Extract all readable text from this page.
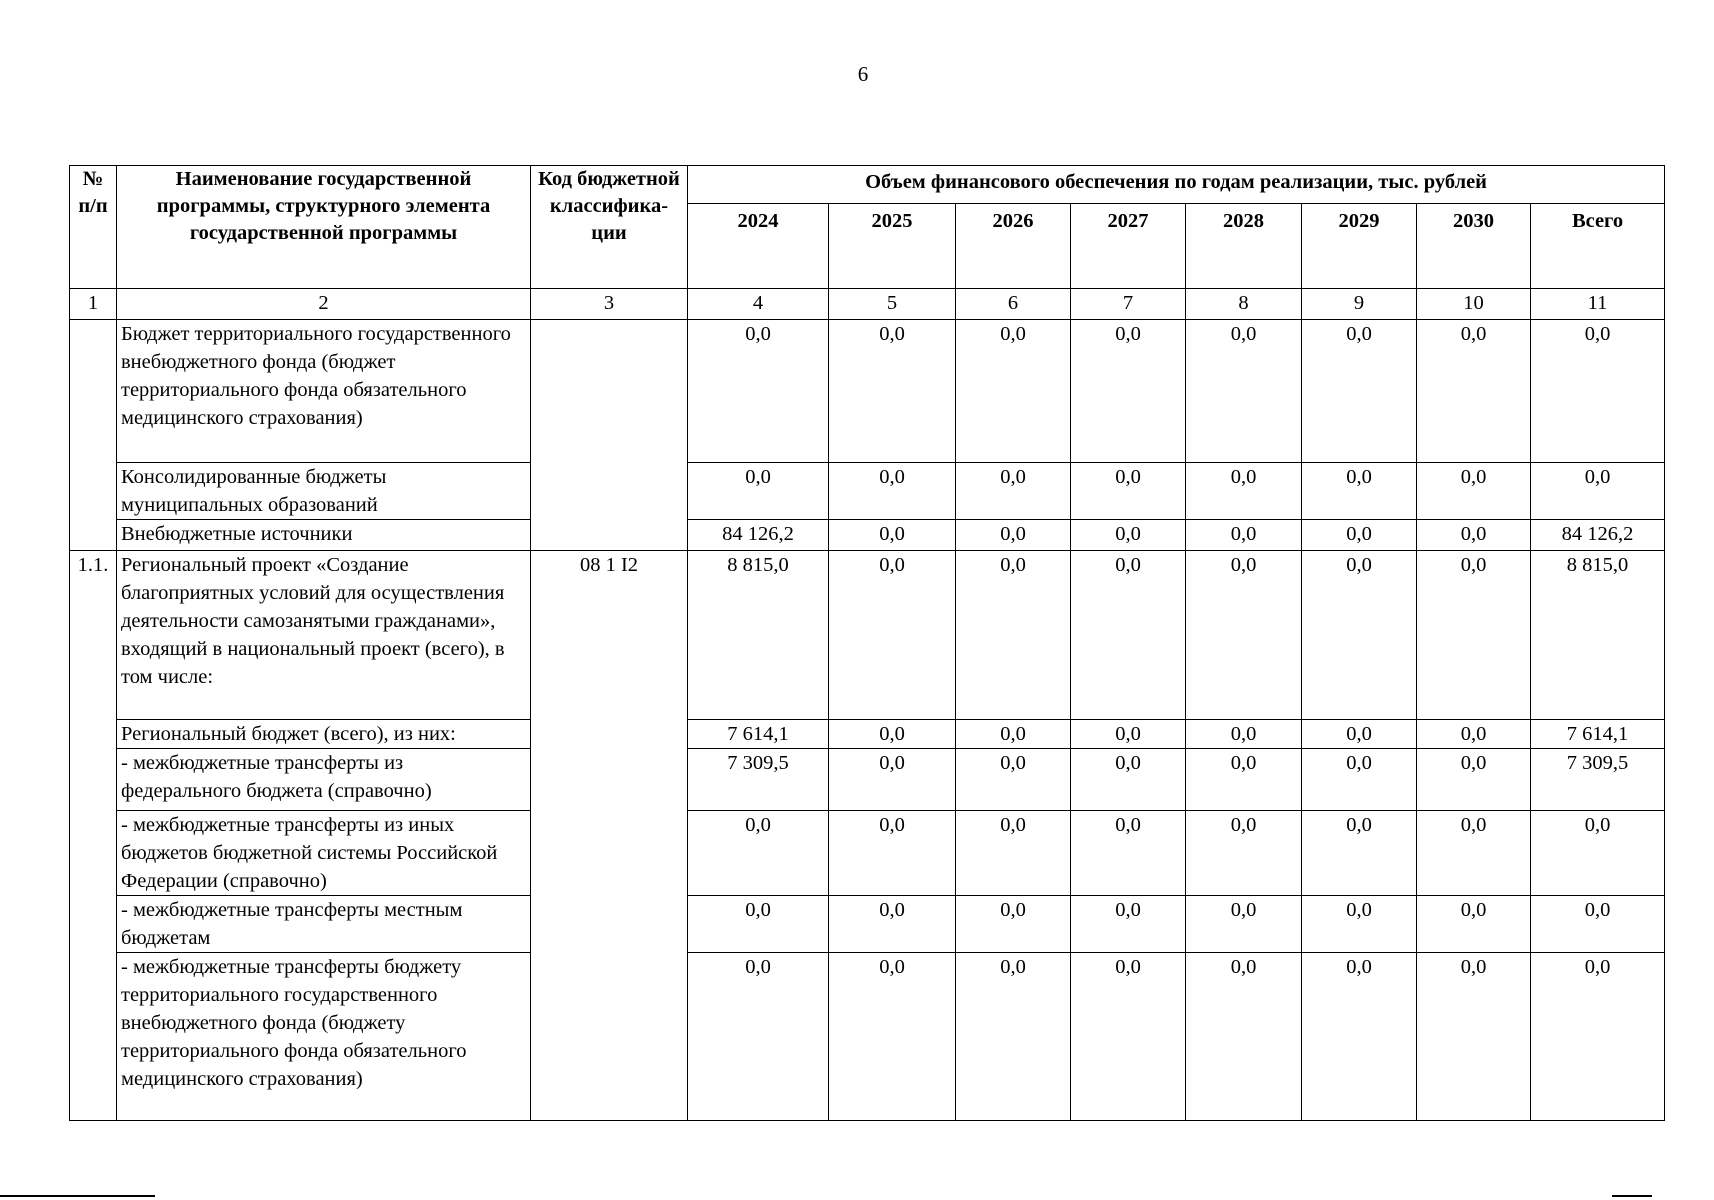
6
№ п/п	Наименование государственной программы, структурного элемента государственной программы	Код бюджетной классифика- ции	Объем финансового обеспечения по годам реализации, тыс. рублей							
			2024	2025	2026	2027	2028	2029	2030	Всего
1	2	3	4	5	6	7	8	9	10	11
	Бюджет территориального государственного внебюджетного фонда (бюджет территориального фонда обязательного медицинского страхования)		0,0	0,0	0,0	0,0	0,0	0,0	0,0	0,0
	Консолидированные бюджеты муниципальных образований		0,0	0,0	0,0	0,0	0,0	0,0	0,0	0,0
	Внебюджетные источники		84 126,2	0,0	0,0	0,0	0,0	0,0	0,0	84 126,2
1.1.	Региональный проект «Создание благоприятных условий для осуществления деятельности самозанятыми гражданами», входящий в национальный проект (всего), в том числе:	08 1 I2	8 815,0	0,0	0,0	0,0	0,0	0,0	0,0	8 815,0
	Региональный бюджет (всего), из них:		7 614,1	0,0	0,0	0,0	0,0	0,0	0,0	7 614,1
	- межбюджетные трансферты из федерального бюджета (справочно)		7 309,5	0,0	0,0	0,0	0,0	0,0	0,0	7 309,5
	- межбюджетные трансферты из иных бюджетов бюджетной системы Российской Федерации (справочно)		0,0	0,0	0,0	0,0	0,0	0,0	0,0	0,0
	- межбюджетные трансферты местным бюджетам		0,0	0,0	0,0	0,0	0,0	0,0	0,0	0,0
	- межбюджетные трансферты бюджету территориального государственного внебюджетного фонда (бюджету территориального фонда обязательного медицинского страхования)		0,0	0,0	0,0	0,0	0,0	0,0	0,0	0,0
